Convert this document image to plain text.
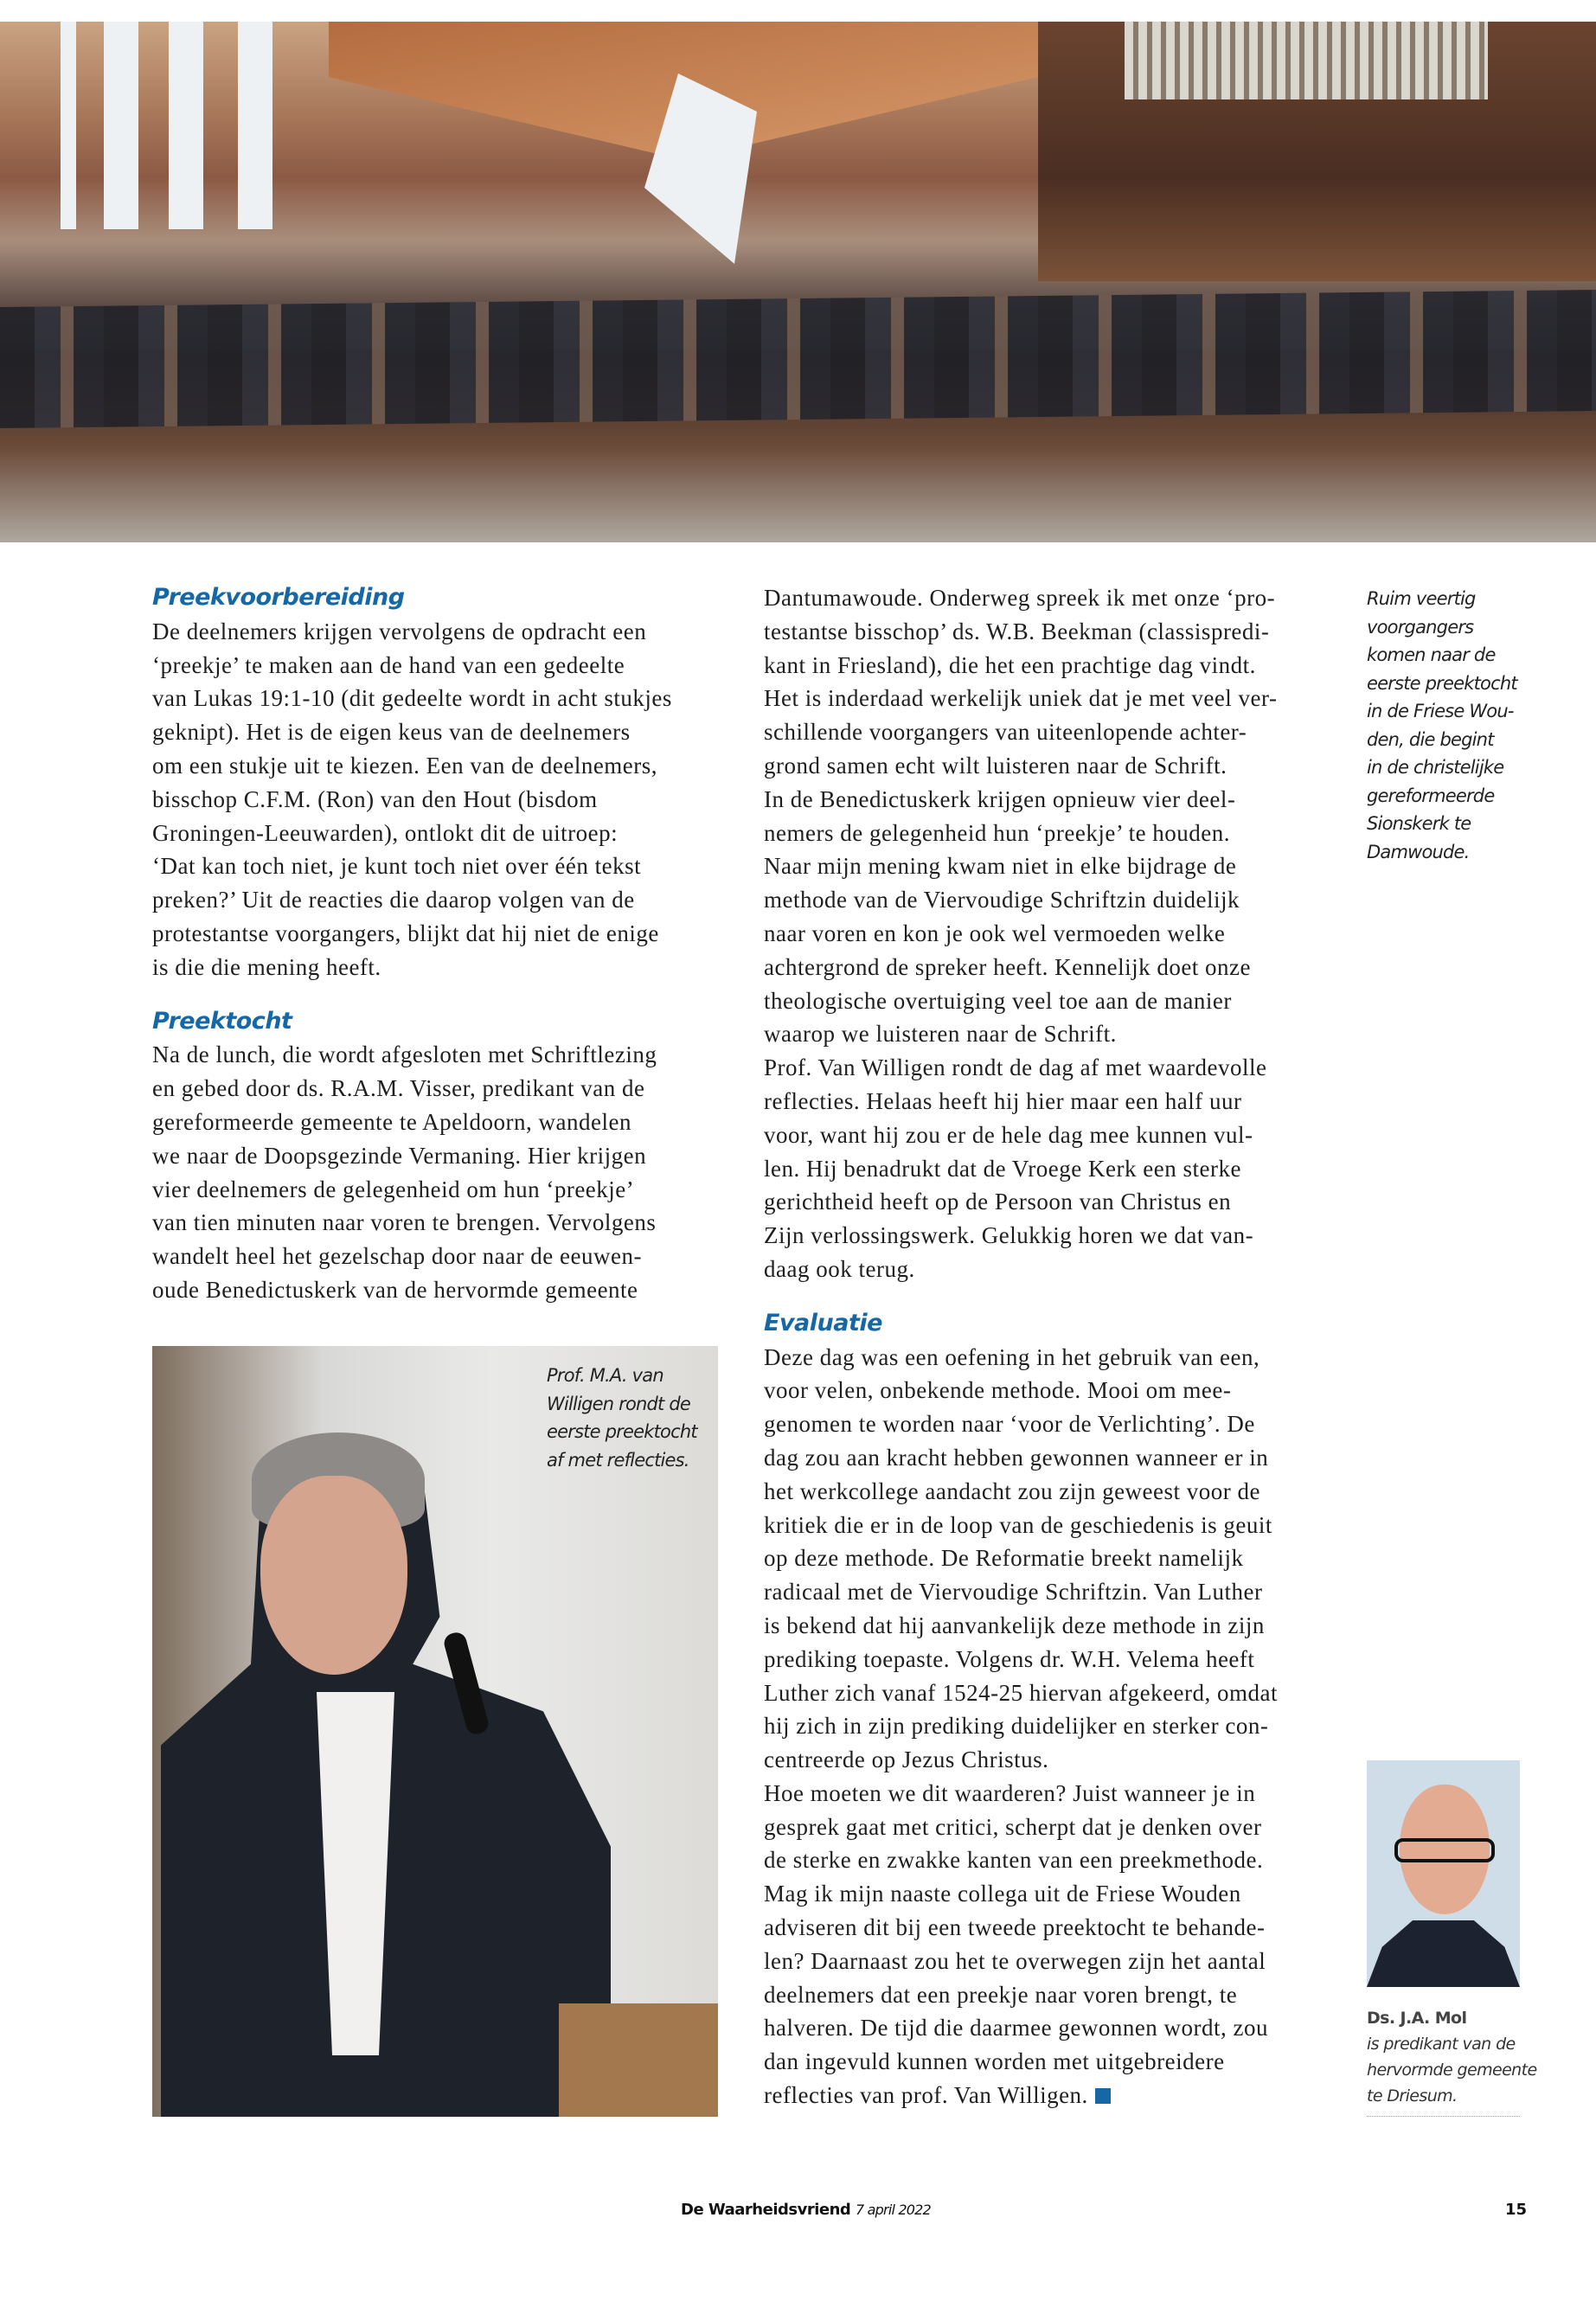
Preekvoorbereiding
De deelnemers krijgen vervolgens de opdracht een
‘preekje’ te maken aan de hand van een gedeelte
van Lukas 19:1-10 (dit gedeelte wordt in acht stukjes
geknipt). Het is de eigen keus van de deelnemers
om een stukje uit te kiezen. Een van de deelnemers,
bisschop C.F.M. (Ron) van den Hout (bisdom
Groningen-Leeuwarden), ontlokt dit de uitroep:
‘Dat kan toch niet, je kunt toch niet over één tekst
preken?’ Uit de reacties die daarop volgen van de
protestantse voorgangers, blijkt dat hij niet de enige
is die die mening heeft.
Preektocht
Na de lunch, die wordt afgesloten met Schriftlezing
en gebed door ds. R.A.M. Visser, predikant van de
gereformeerde gemeente te Apeldoorn, wandelen
we naar de Doopsgezinde Vermaning. Hier krijgen
vier deelnemers de gelegenheid om hun ‘preekje’
van tien minuten naar voren te brengen. Vervolgens
wandelt heel het gezelschap door naar de eeuwen-
oude Benedictuskerk van de hervormde gemeente
Prof. M.A. van
Willigen rondt de
eerste preektocht
af met reflecties.
Dantumawoude. Onderweg spreek ik met onze ‘pro-
testantse bisschop’ ds. W.B. Beekman (classispredi-
kant in Friesland), die het een prachtige dag vindt.
Het is inderdaad werkelijk uniek dat je met veel ver-
schillende voorgangers van uiteenlopende achter-
grond samen echt wilt luisteren naar de Schrift.
In de Benedictuskerk krijgen opnieuw vier deel-
nemers de gelegenheid hun ‘preekje’ te houden.
Naar mijn mening kwam niet in elke bijdrage de
methode van de Viervoudige Schriftzin duidelijk
naar voren en kon je ook wel vermoeden welke
achtergrond de spreker heeft. Kennelijk doet onze
theologische overtuiging veel toe aan de manier
waarop we luisteren naar de Schrift.
Prof. Van Willigen rondt de dag af met waardevolle
reflecties. Helaas heeft hij hier maar een half uur
voor, want hij zou er de hele dag mee kunnen vul-
len. Hij benadrukt dat de Vroege Kerk een sterke
gerichtheid heeft op de Persoon van Christus en
Zijn verlossingswerk. Gelukkig horen we dat van-
daag ook terug.
Evaluatie
Deze dag was een oefening in het gebruik van een,
voor velen, onbekende methode. Mooi om mee-
genomen te worden naar ‘voor de Verlichting’. De
dag zou aan kracht hebben gewonnen wanneer er in
het werkcollege aandacht zou zijn geweest voor de
kritiek die er in de loop van de geschiedenis is geuit
op deze methode. De Reformatie breekt namelijk
radicaal met de Viervoudige Schriftzin. Van Luther
is bekend dat hij aanvankelijk deze methode in zijn
prediking toepaste. Volgens dr. W.H. Velema heeft
Luther zich vanaf 1524-25 hiervan afgekeerd, omdat
hij zich in zijn prediking duidelijker en sterker con-
centreerde op Jezus Christus.
Hoe moeten we dit waarderen? Juist wanneer je in
gesprek gaat met critici, scherpt dat je denken over
de sterke en zwakke kanten van een preekmethode.
Mag ik mijn naaste collega uit de Friese Wouden
adviseren dit bij een tweede preektocht te behande-
len? Daarnaast zou het te overwegen zijn het aantal
deelnemers dat een preekje naar voren brengt, te
halveren. De tijd die daarmee gewonnen wordt, zou
dan ingevuld kunnen worden met uitgebreidere
reflecties van prof. Van Willigen.
Ruim veertig
voorgangers
komen naar de
eerste preektocht
in de Friese Wou-
den, die begint
in de christelijke
gereformeerde
Sionskerk te
Damwoude.
Ds. J.A. Mol
is predikant van de
hervormde gemeente
te Driesum.
De Waarheidsvriend 7 april 2022	15
